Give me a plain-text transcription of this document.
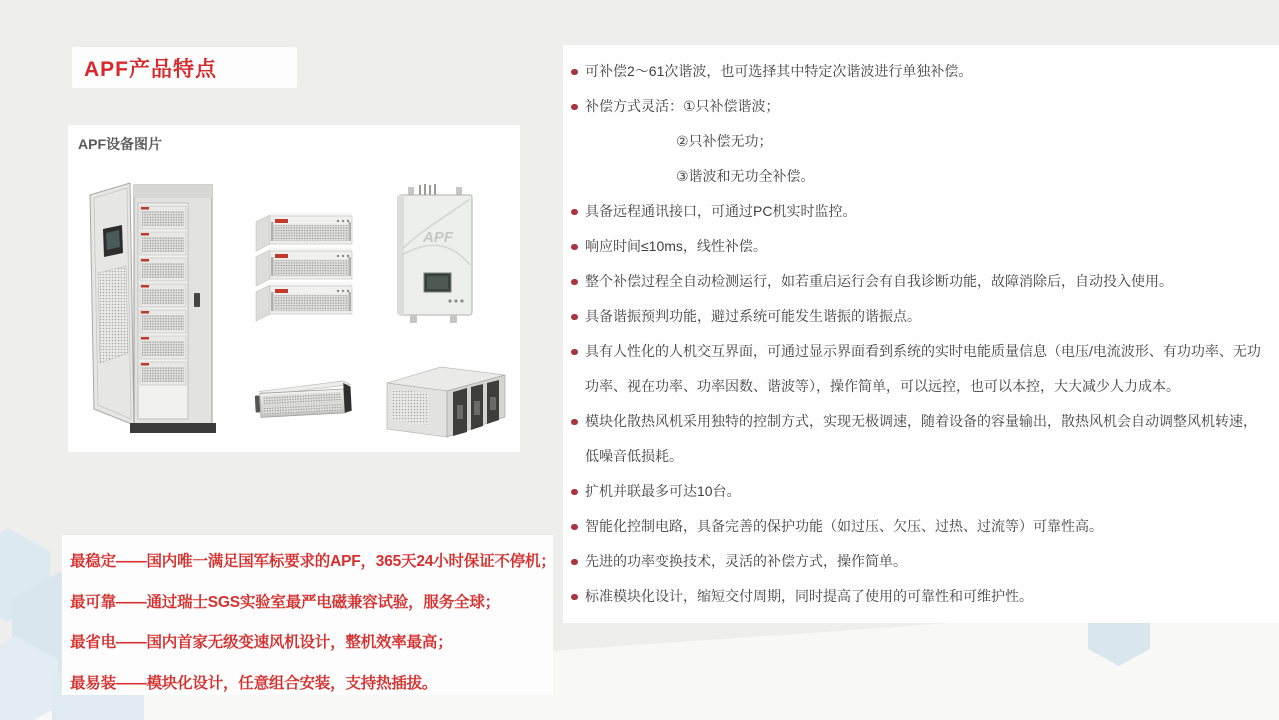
APF产品特点
APF设备图片
APF
可补偿2～61次谐波，也可选择其中特定次谐波进行单独补偿。
补偿方式灵活：①只补偿谐波；
②只补偿无功；
③谐波和无功全补偿。
具备远程通讯接口，可通过PC机实时监控。
响应时间≤10ms，线性补偿。
整个补偿过程全自动检测运行，如若重启运行会有自我诊断功能，故障消除后，自动投入使用。
具备谐振预判功能，避过系统可能发生谐振的谐振点。
具有人性化的人机交互界面，可通过显示界面看到系统的实时电能质量信息（电压/电流波形、有功功率、无功功率、视在功率、功率因数、谐波等），操作简单，可以远控，也可以本控，大大减少人力成本。
模块化散热风机采用独特的控制方式，实现无极调速，随着设备的容量输出，散热风机会自动调整风机转速，低噪音低损耗。
扩机并联最多可达10台。
智能化控制电路，具备完善的保护功能（如过压、欠压、过热、过流等）可靠性高。
先进的功率变换技术，灵活的补偿方式，操作简单。
标准模块化设计，缩短交付周期，同时提高了使用的可靠性和可维护性。
最稳定——国内唯一满足国军标要求的APF，365天24小时保证不停机；
最可靠——通过瑞士SGS实验室最严电磁兼容试验，服务全球；
最省电——国内首家无级变速风机设计，整机效率最高；
最易装——模块化设计，任意组合安装，支持热插拔。
